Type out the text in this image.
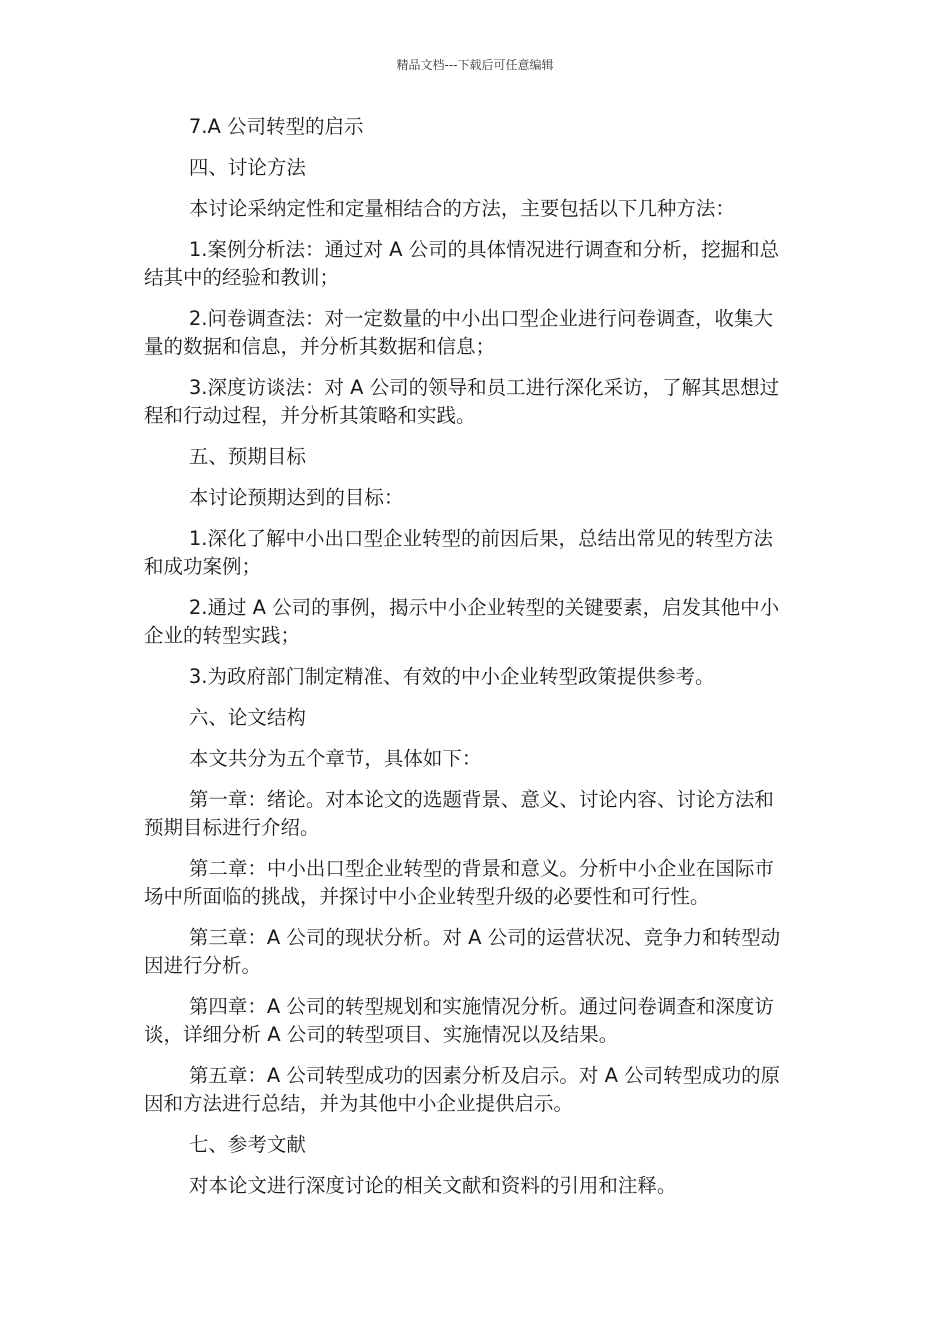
精品文档---下载后可任意编辑

7.A 公司转型的启示

四、讨论方法

本讨论采纳定性和定量相结合的方法，主要包括以下几种方法：

1.案例分析法：通过对 A 公司的具体情况进行调查和分析，挖掘和总结其中的经验和教训；

2.问卷调查法：对一定数量的中小出口型企业进行问卷调查，收集大量的数据和信息，并分析其数据和信息；

3.深度访谈法：对 A 公司的领导和员工进行深化采访，了解其思想过程和行动过程，并分析其策略和实践。

五、预期目标

本讨论预期达到的目标：

1.深化了解中小出口型企业转型的前因后果，总结出常见的转型方法和成功案例；

2.通过 A 公司的事例，揭示中小企业转型的关键要素，启发其他中小企业的转型实践；

3.为政府部门制定精准、有效的中小企业转型政策提供参考。

六、论文结构

本文共分为五个章节，具体如下：

第一章：绪论。对本论文的选题背景、意义、讨论内容、讨论方法和预期目标进行介绍。

第二章：中小出口型企业转型的背景和意义。分析中小企业在国际市场中所面临的挑战，并探讨中小企业转型升级的必要性和可行性。

第三章：A 公司的现状分析。对 A 公司的运营状况、竞争力和转型动因进行分析。

第四章：A 公司的转型规划和实施情况分析。通过问卷调查和深度访谈，详细分析 A 公司的转型项目、实施情况以及结果。

第五章：A 公司转型成功的因素分析及启示。对 A 公司转型成功的原因和方法进行总结，并为其他中小企业提供启示。

七、参考文献

对本论文进行深度讨论的相关文献和资料的引用和注释。
